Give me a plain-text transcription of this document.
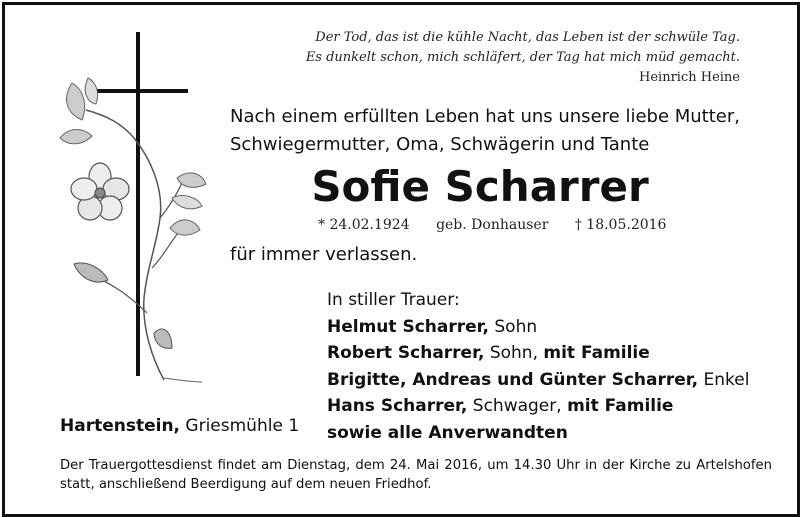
Der Tod, das ist die kühle Nacht, das Leben ist der schwüle Tag.
Es dunkelt schon, mich schläfert, der Tag hat mich müd gemacht.
Heinrich Heine
Nach einem erfüllten Leben hat uns unsere liebe Mutter,
Schwiegermutter, Oma, Schwägerin und Tante
Sofie Scharrer
* 24.02.1924 geb. Donhauser † 18.05.2016
für immer verlassen.
In stiller Trauer:
Helmut Scharrer, Sohn
Robert Scharrer, Sohn, mit Familie
Brigitte, Andreas und Günter Scharrer, Enkel
Hans Scharrer, Schwager, mit Familie
sowie alle Anverwandten
Hartenstein, Griesmühle 1
Der Trauergottesdienst findet am Dienstag, dem 24. Mai 2016, um 14.30 Uhr in der Kirche zu Artelshofen statt, anschließend Beerdigung auf dem neuen Friedhof.
